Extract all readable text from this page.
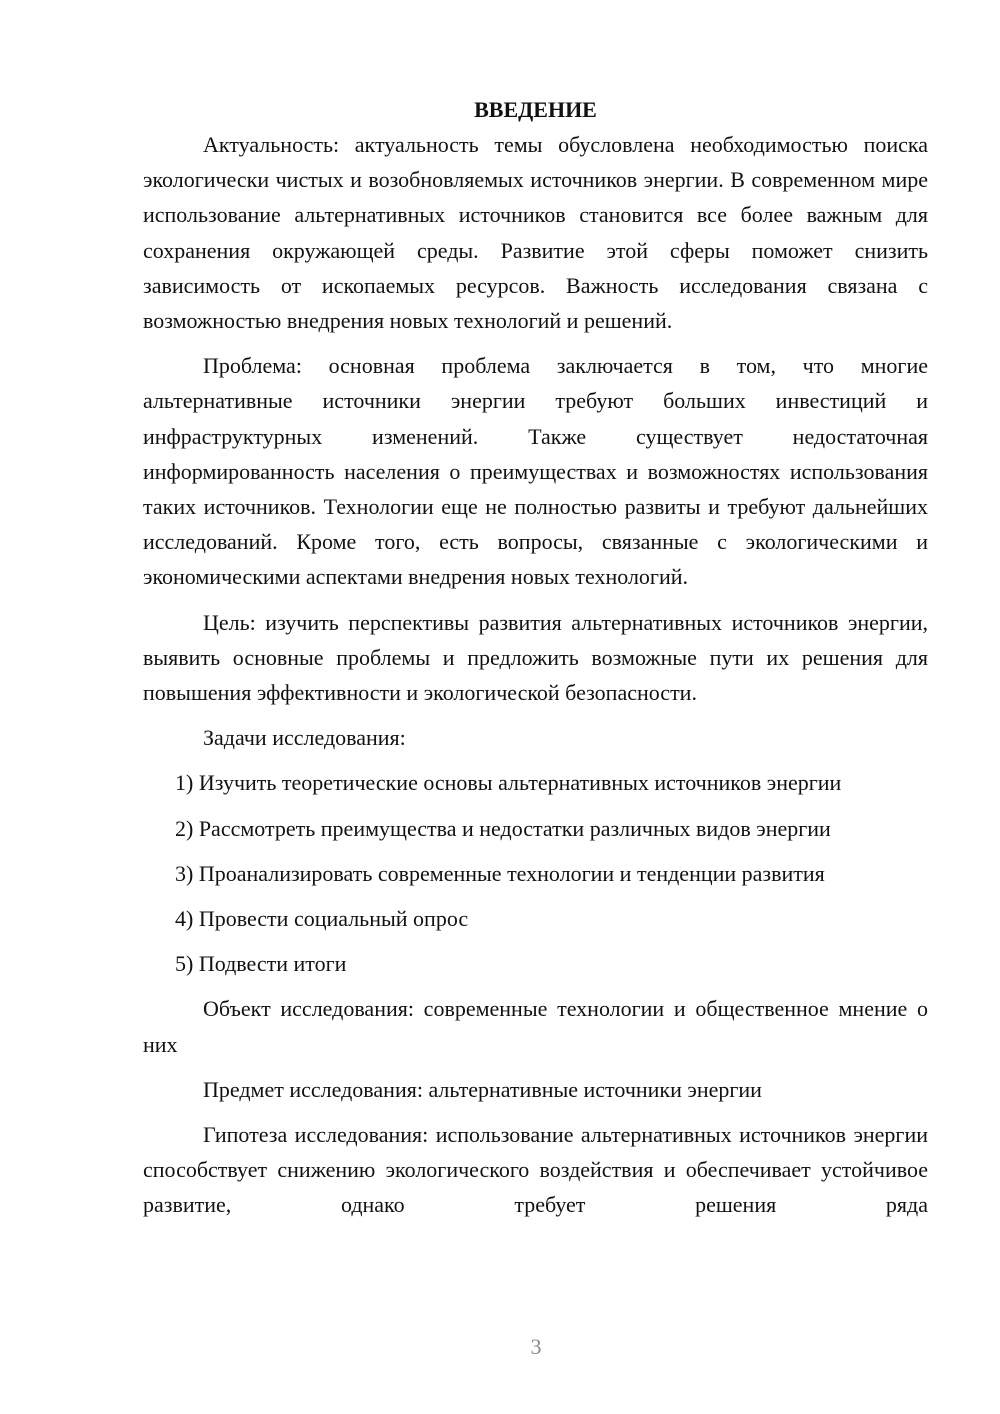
ВВЕДЕНИЕ

Актуальность: актуальность темы обусловлена необходимостью поиска экологически чистых и возобновляемых источников энергии. В современном мире использование альтернативных источников становится все более важным для сохранения окружающей среды. Развитие этой сферы поможет снизить зависимость от ископаемых ресурсов. Важность исследования связана с возможностью внедрения новых технологий и решений.

Проблема: основная проблема заключается в том, что многие альтернативные источники энергии требуют больших инвестиций и инфраструктурных изменений. Также существует недостаточная информированность населения о преимуществах и возможностях использования таких источников. Технологии еще не полностью развиты и требуют дальнейших исследований. Кроме того, есть вопросы, связанные с экологическими и экономическими аспектами внедрения новых технологий.

Цель: изучить перспективы развития альтернативных источников энергии, выявить основные проблемы и предложить возможные пути их решения для повышения эффективности и экологической безопасности.

Задачи исследования:

1) Изучить теоретические основы альтернативных источников энергии
2) Рассмотреть преимущества и недостатки различных видов энергии
3) Проанализировать современные технологии и тенденции развития
4) Провести социальный опрос
5) Подвести итоги

Объект исследования: современные технологии и общественное мнение о них

Предмет исследования: альтернативные источники энергии

Гипотеза исследования: использование альтернативных источников энергии способствует снижению экологического воздействия и обеспечивает устойчивое развитие, однако требует решения ряда

3
